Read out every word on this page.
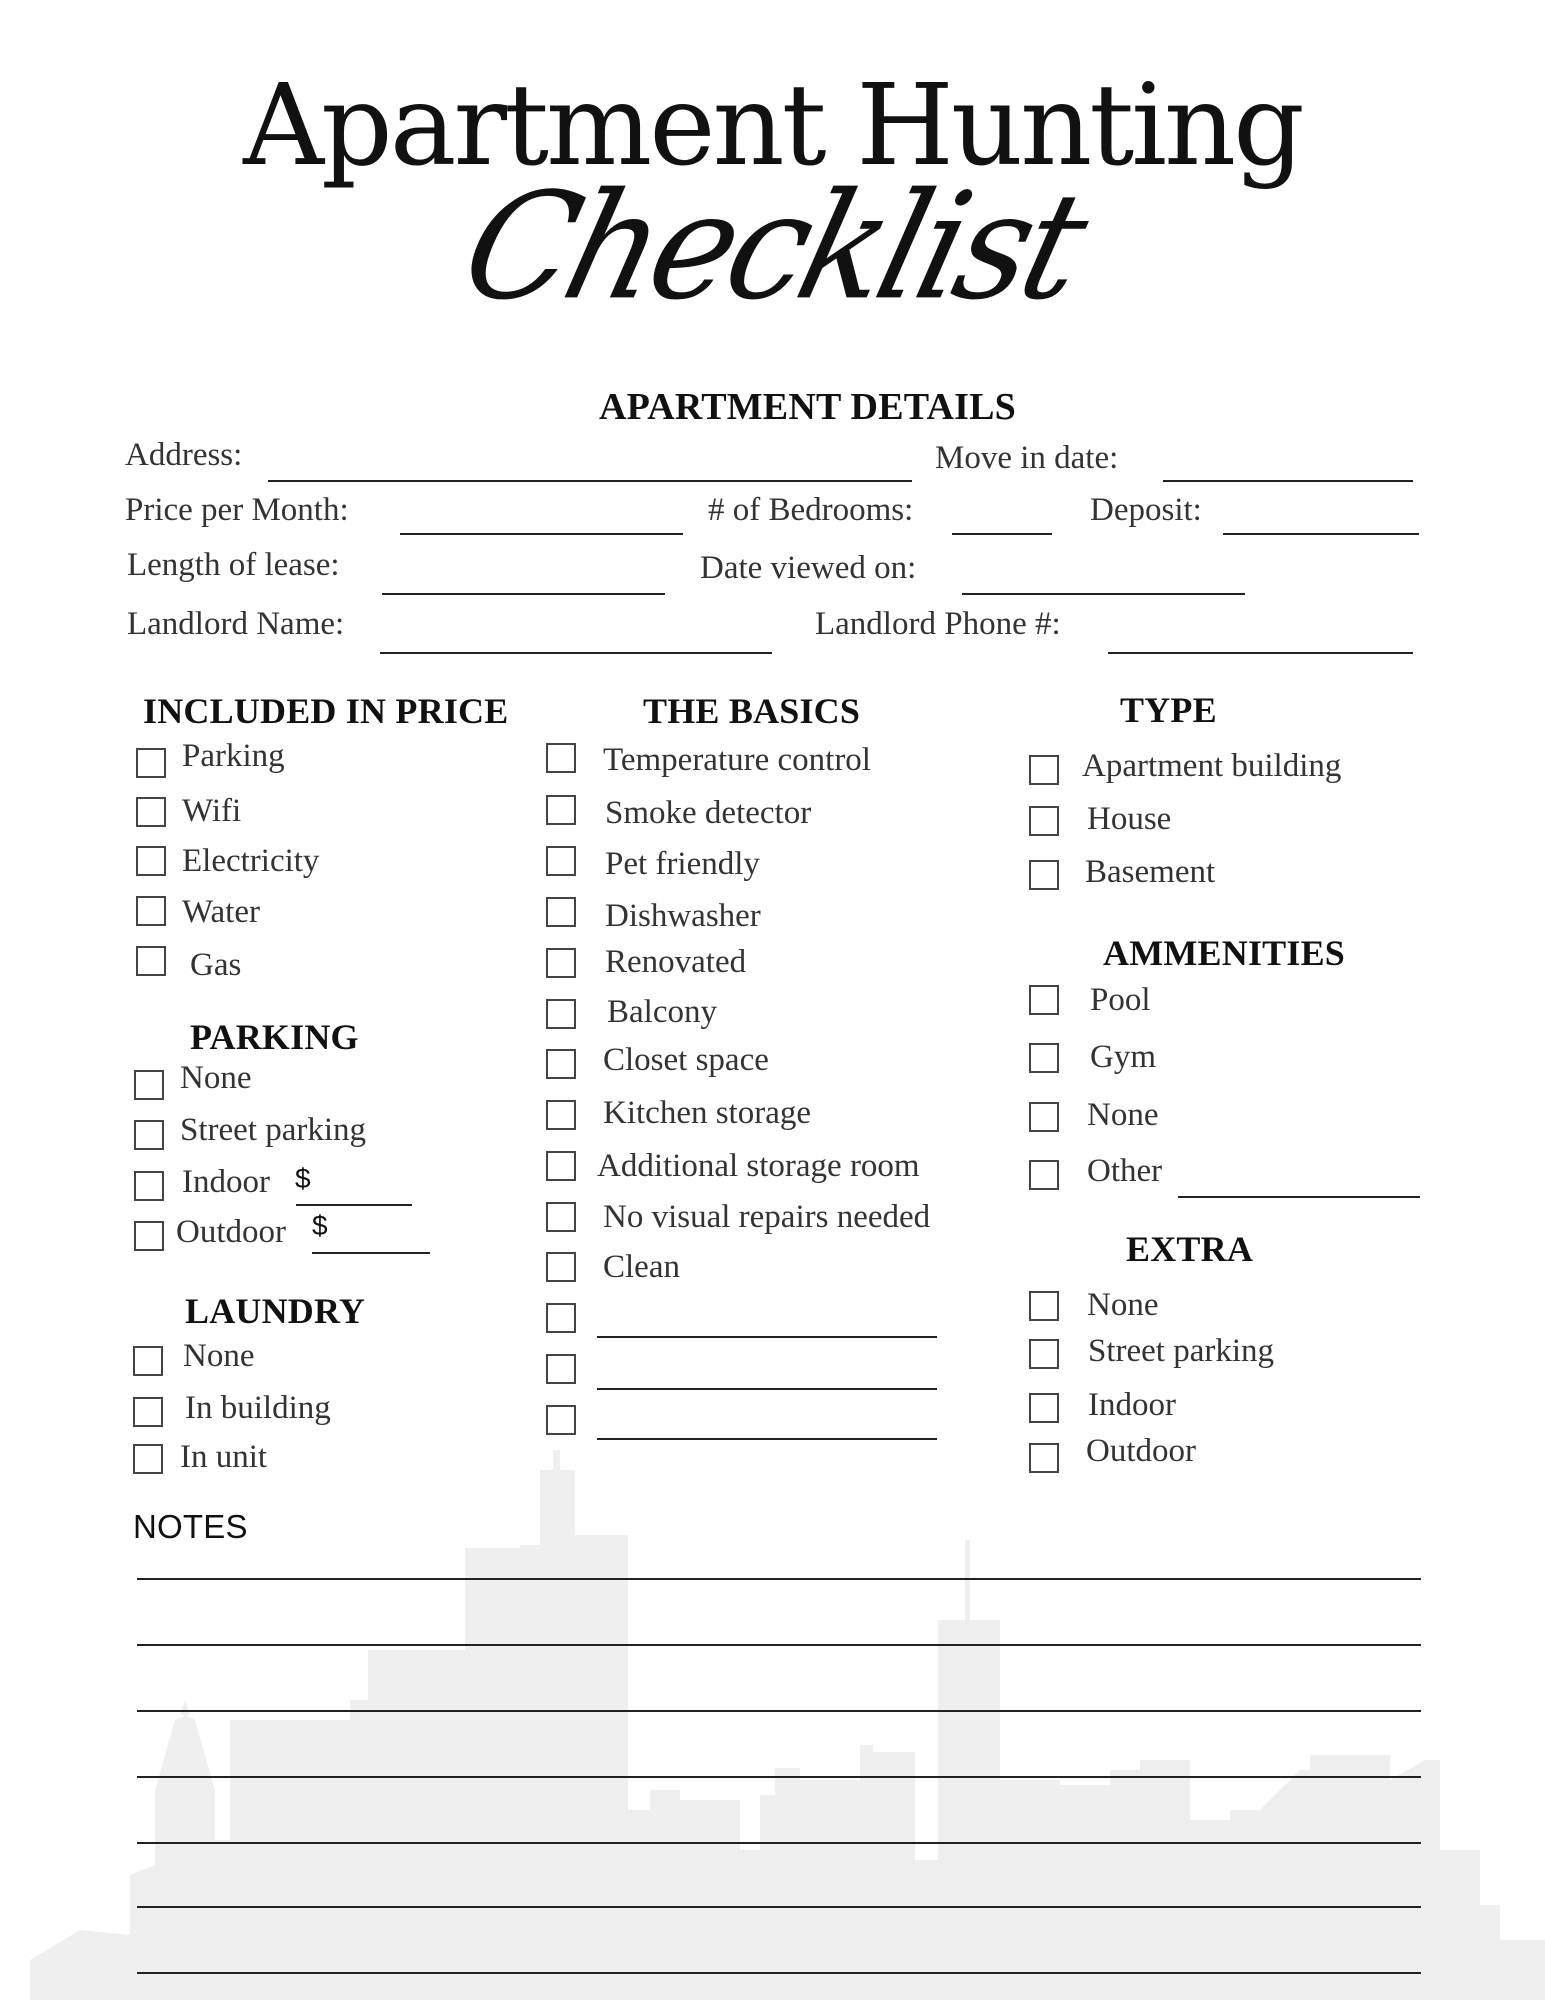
Apartment Hunting
Checklist
APARTMENT DETAILS
Address:	Move in date:
Price per Month:	# of Bedrooms:	Deposit:
Length of lease:	Date viewed on:
Landlord Name:	Landlord Phone #:
INCLUDED IN PRICE
Parking
Wifi
Electricity
Water
Gas
PARKING
None
Street parking
Indoor $
Outdoor $
LAUNDRY
None
In building
In unit
THE BASICS
Temperature control
Smoke detector
Pet friendly
Dishwasher
Renovated
Balcony
Closet space
Kitchen storage
Additional storage room
No visual repairs needed
Clean
TYPE
Apartment building
House
Basement
AMMENITIES
Pool
Gym
None
Other
EXTRA
None
Street parking
Indoor
Outdoor
NOTES
